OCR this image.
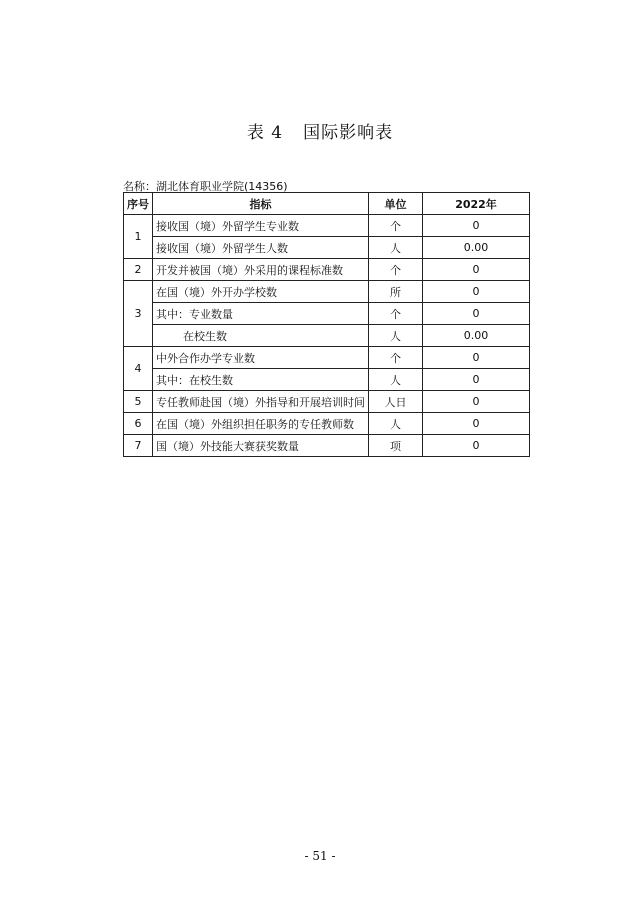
表 4 国际影响表
名称：湖北体育职业学院(14356)
序号	指标	单位	2022年
1	接收国（境）外留学生专业数	个	0
	接收国（境）外留学生人数	人	0.00
2	开发并被国（境）外采用的课程标准数	个	0
3	在国（境）外开办学校数	所	0
	其中：专业数量	个	0
	在校生数	人	0.00
4	中外合作办学专业数	个	0
	其中：在校生数	人	0
5	专任教师赴国（境）外指导和开展培训时间	人日	0
6	在国（境）外组织担任职务的专任教师数	人	0
7	国（境）外技能大赛获奖数量	项	0
- 51 -
